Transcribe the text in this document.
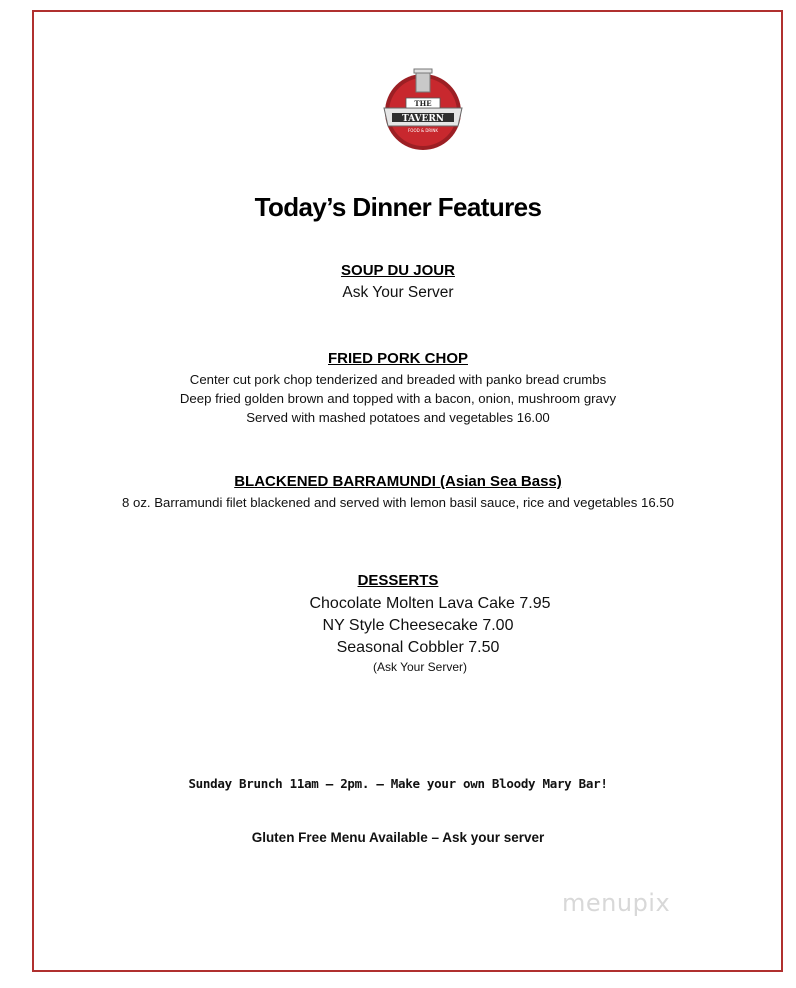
THE
TAVERN
FOOD & DRINK
Today’s Dinner Features
SOUP DU JOUR
Ask Your Server
FRIED PORK CHOP
Center cut pork chop tenderized and breaded with panko bread crumbs
Deep fried golden brown and topped with a bacon, onion, mushroom gravy
Served with mashed potatoes and vegetables 16.00
BLACKENED BARRAMUNDI (Asian Sea Bass)
8 oz. Barramundi filet blackened and served with lemon basil sauce, rice and vegetables 16.50
DESSERTS
Chocolate Molten Lava Cake 7.95
NY Style Cheesecake 7.00
Seasonal Cobbler 7.50
(Ask Your Server)
Sunday Brunch 11am – 2pm. – Make your own Bloody Mary Bar!
Gluten Free Menu Available – Ask your server
menupix
